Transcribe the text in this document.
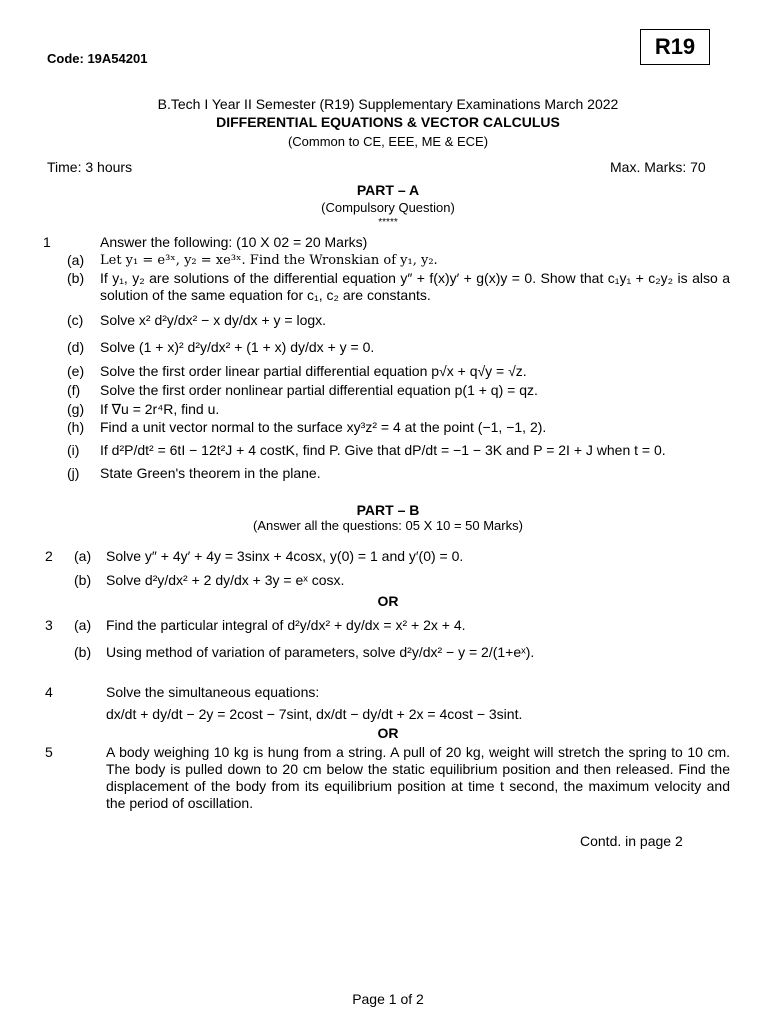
Code: 19A54201	R19
B.Tech I Year II Semester (R19) Supplementary Examinations March 2022
DIFFERENTIAL EQUATIONS & VECTOR CALCULUS
(Common to CE, EEE, ME & ECE)
Time: 3 hours	Max. Marks: 70
PART – A
(Compulsory Question)
*****
1	Answer the following: (10 X 02 = 20 Marks)
(a) Let y₁ = e³ˣ, y₂ = xe³ˣ. Find the Wronskian of y₁, y₂.
(b) If y₁, y₂ are solutions of the differential equation y″ + f(x)y′ + g(x)y = 0. Show that c₁y₁ + c₂y₂ is also a solution of the same equation for c₁, c₂ are constants.
(c) Solve x² d²y/dx² − x dy/dx + y = logx.
(d) Solve (1 + x)² d²y/dx² + (1 + x) dy/dx + y = 0.
(e) Solve the first order linear partial differential equation p√x + q√y = √z.
(f) Solve the first order nonlinear partial differential equation p(1 + q) = qz.
(g) If ∇u = 2r⁴R, find u.
(h) Find a unit vector normal to the surface xy³z² = 4 at the point (−1, −1, 2).
(i) If d²P/dt² = 6tI − 12t²J + 4 costK, find P. Give that dP/dt = −1 − 3K and P = 2I + J when t = 0.
(j) State Green's theorem in the plane.
PART – B
(Answer all the questions: 05 X 10 = 50 Marks)
2 (a) Solve y″ + 4y′ + 4y = 3sinx + 4cosx, y(0) = 1 and y′(0) = 0.
(b) Solve d²y/dx² + 2 dy/dx + 3y = eˣ cosx.
OR
3 (a) Find the particular integral of d²y/dx² + dy/dx = x² + 2x + 4.
(b) Using method of variation of parameters, solve d²y/dx² − y = 2/(1+eˣ).
4	Solve the simultaneous equations:
dx/dt + dy/dt − 2y = 2cost − 7sint, dx/dt − dy/dt + 2x = 4cost − 3sint.
OR
5	A body weighing 10 kg is hung from a string. A pull of 20 kg, weight will stretch the spring to 10 cm. The body is pulled down to 20 cm below the static equilibrium position and then released. Find the displacement of the body from its equilibrium position at time t second, the maximum velocity and the period of oscillation.
Contd. in page 2
Page 1 of 2
